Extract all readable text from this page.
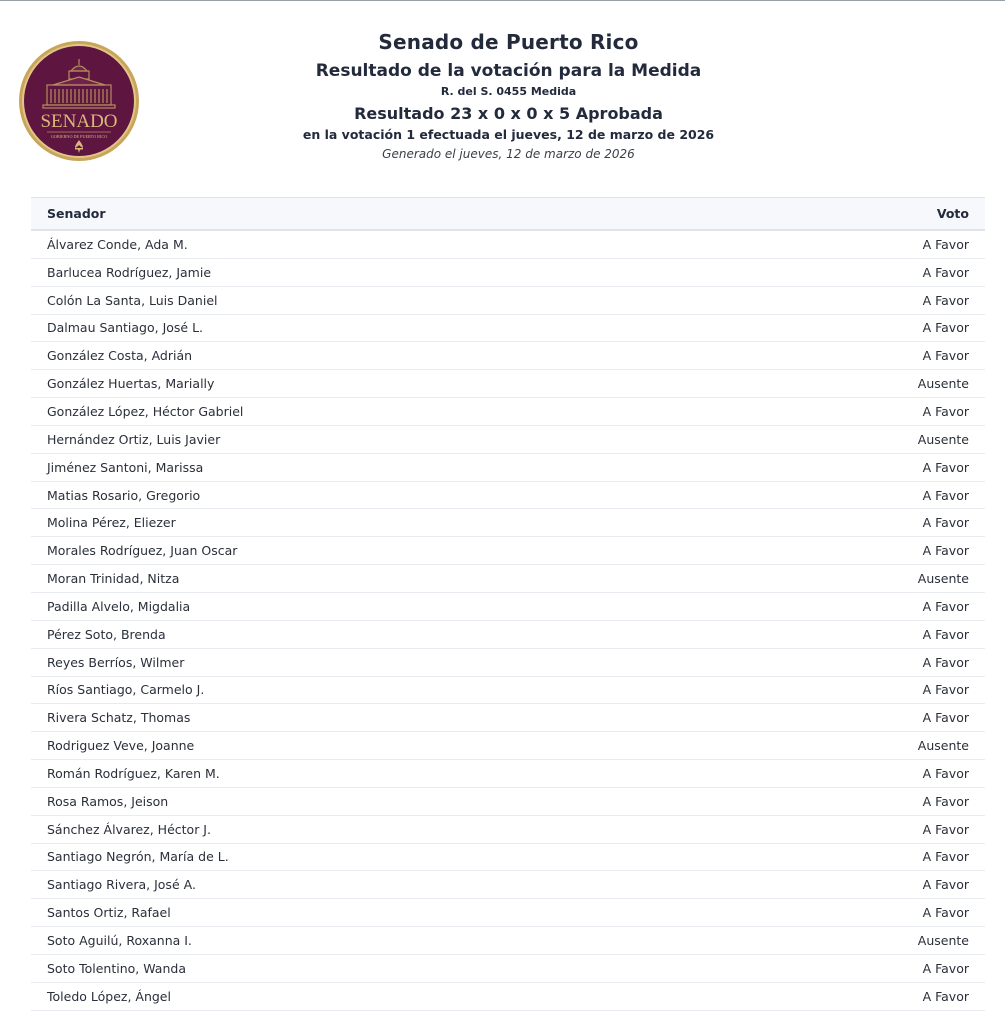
SENADO
GOBIERNO DE PUERTO RICO
Senado de Puerto Rico
Resultado de la votación para la Medida
R. del S. 0455 Medida
Resultado 23 x 0 x 0 x 5 Aprobada
en la votación 1 efectuada el jueves, 12 de marzo de 2026
Generado el jueves, 12 de marzo de 2026
Senador	Voto
Álvarez Conde, Ada M.	A Favor
Barlucea Rodríguez, Jamie	A Favor
Colón La Santa, Luis Daniel	A Favor
Dalmau Santiago, José L.	A Favor
González Costa, Adrián	A Favor
González Huertas, Marially	Ausente
González López, Héctor Gabriel	A Favor
Hernández Ortiz, Luis Javier	Ausente
Jiménez Santoni, Marissa	A Favor
Matias Rosario, Gregorio	A Favor
Molina Pérez, Eliezer	A Favor
Morales Rodríguez, Juan Oscar	A Favor
Moran Trinidad, Nitza	Ausente
Padilla Alvelo, Migdalia	A Favor
Pérez Soto, Brenda	A Favor
Reyes Berríos, Wilmer	A Favor
Ríos Santiago, Carmelo J.	A Favor
Rivera Schatz, Thomas	A Favor
Rodriguez Veve, Joanne	Ausente
Román Rodríguez, Karen M.	A Favor
Rosa Ramos, Jeison	A Favor
Sánchez Álvarez, Héctor J.	A Favor
Santiago Negrón, María de L.	A Favor
Santiago Rivera, José A.	A Favor
Santos Ortiz, Rafael	A Favor
Soto Aguilú, Roxanna I.	Ausente
Soto Tolentino, Wanda	A Favor
Toledo López, Ángel	A Favor
